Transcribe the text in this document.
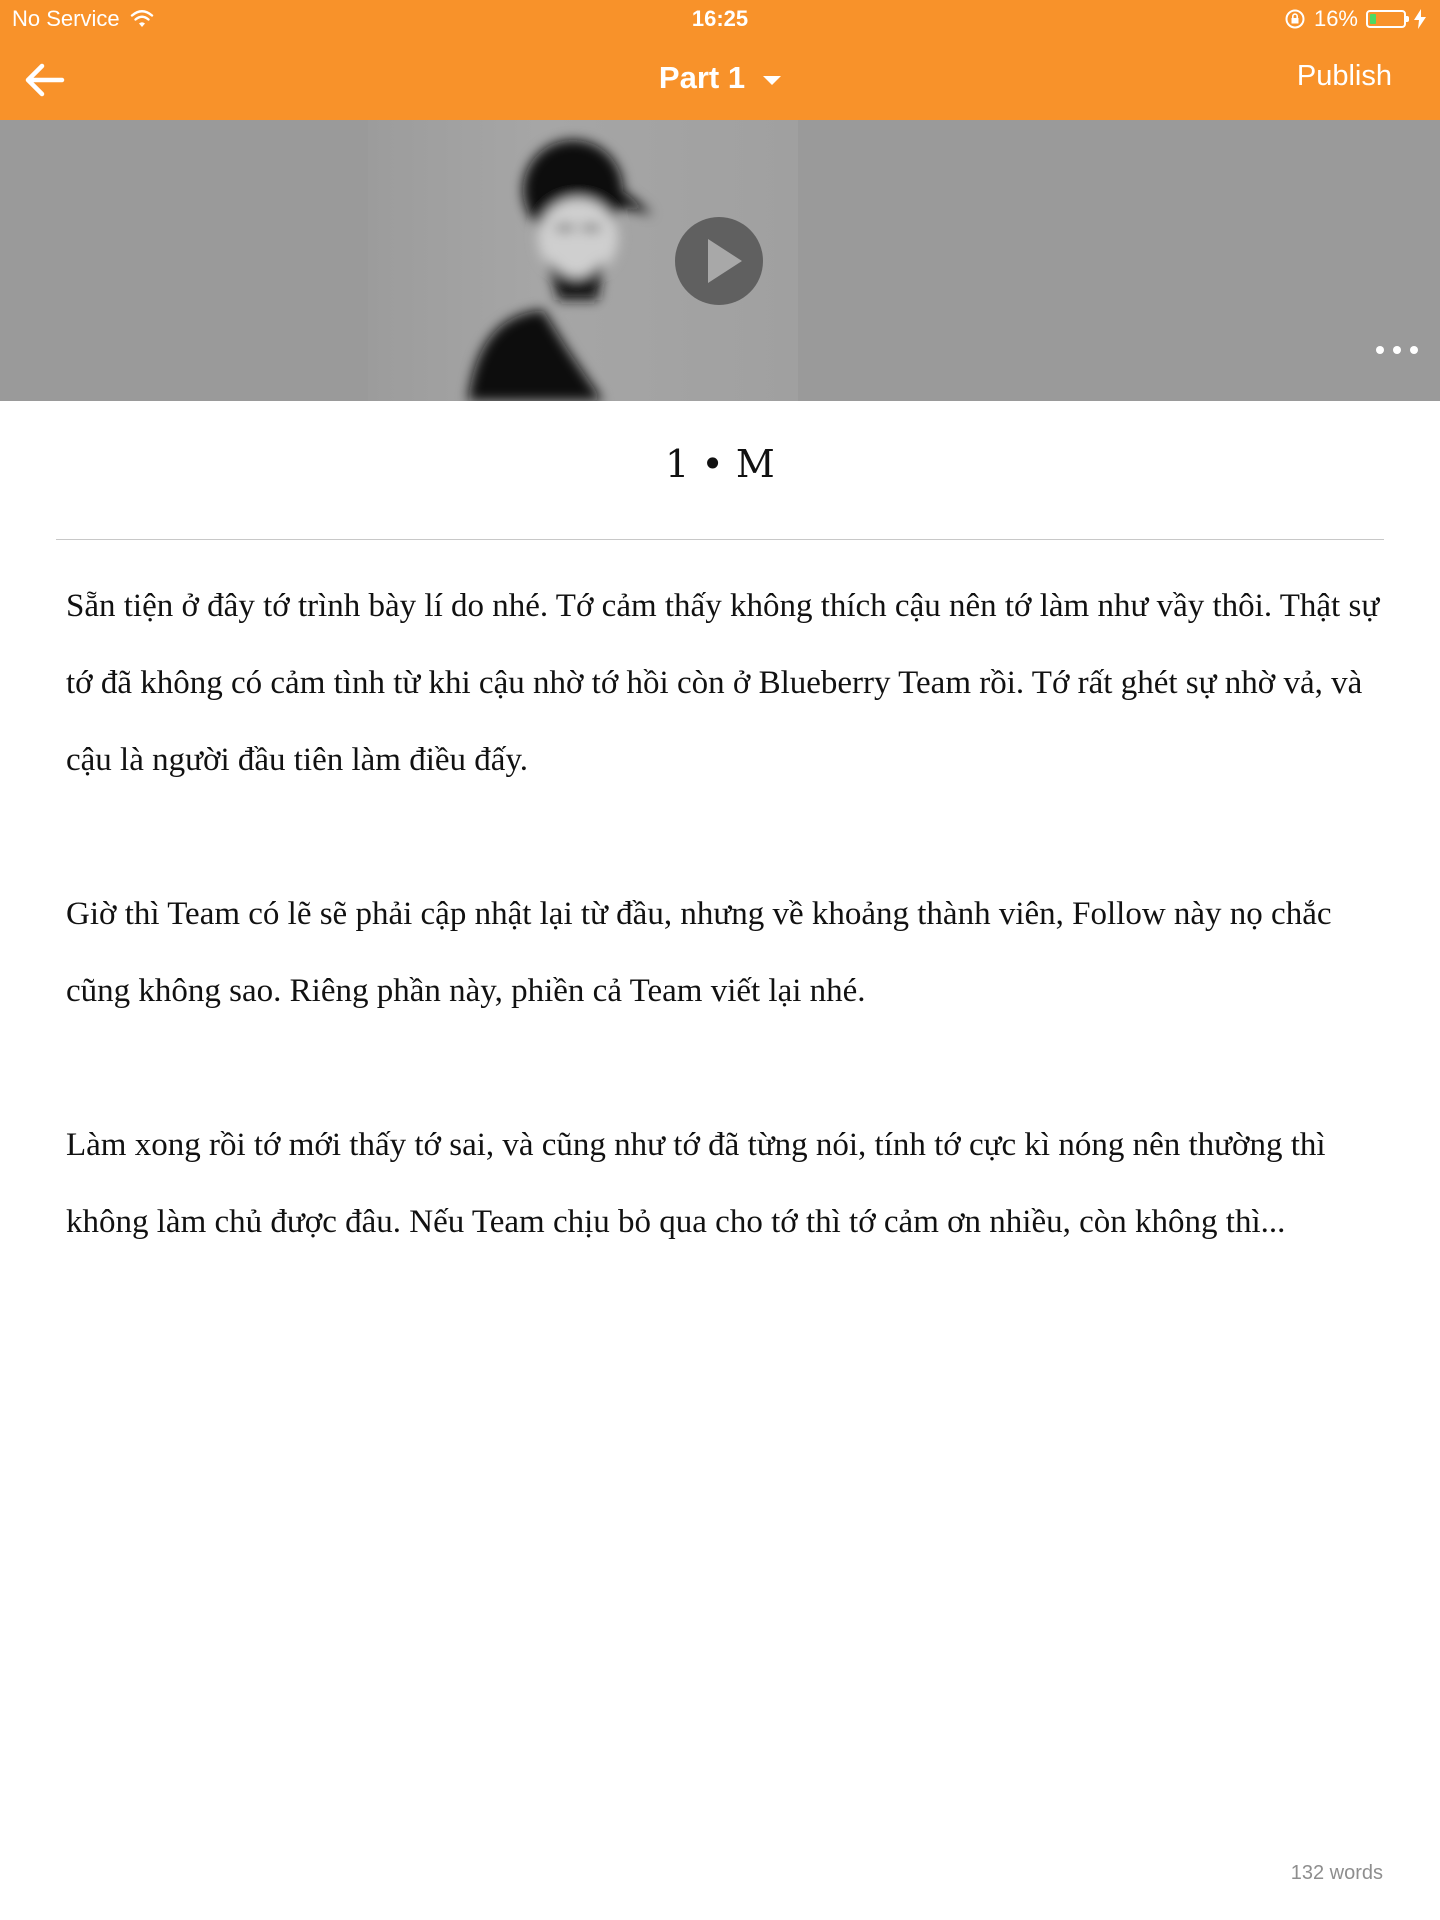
No Service	16:25	16%
Part 1	Publish
1 • M

Sẵn tiện ở đây tớ trình bày lí do nhé. Tớ cảm thấy không thích cậu nên tớ làm như vầy thôi. Thật sự tớ đã không có cảm tình từ khi cậu nhờ tớ hồi còn ở Blueberry Team rồi. Tớ rất ghét sự nhờ vả, và cậu là người đầu tiên làm điều đấy.

Giờ thì Team có lẽ sẽ phải cập nhật lại từ đầu, nhưng về khoảng thành viên, Follow này nọ chắc cũng không sao. Riêng phần này, phiền cả Team viết lại nhé.

Làm xong rồi tớ mới thấy tớ sai, và cũng như tớ đã từng nói, tính tớ cực kì nóng nên thường thì không làm chủ được đâu. Nếu Team chịu bỏ qua cho tớ thì tớ cảm ơn nhiều, còn không thì...

132 words
